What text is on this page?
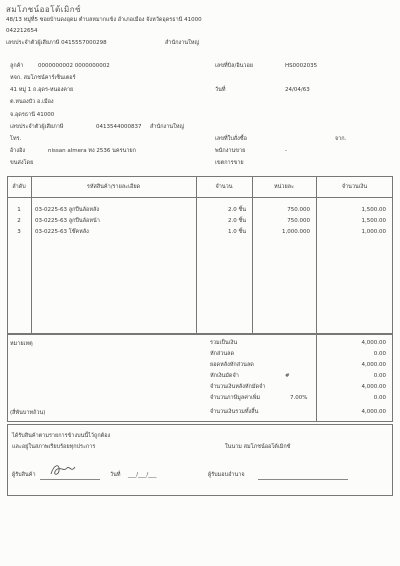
สมโภชน์ออโต้เมิกซ์
48/13 หมู่ที่5 ซอยบ้านดงอุดม ตำบลหมากแข้ง อำเภอเมือง จังหวัดอุดรธานี 41000
042212654
เลขประจำตัวผู้เสียภาษี 0415557000298	สำนักงานใหญ่
ลูกค้า	0000000002 0000000002
หจก. สมโภชน์คาร์เซ็นเตอร์
41 หมู่ 1 ถ.อุดร-หนองคาย
ต.หนองบัว อ.เมือง
จ.อุดรธานี 41000
เลขที่บิล/อินวอย	HS0002035
วันที่	24/04/63
เลขประจำตัวผู้เสียภาษี	0413544000837 สำนักงานใหญ่
โทร.	เลขที่ใบสั่งซื้อ	จาก.
อ้างอิง	nissan almera ทง 2536 นครนายก	พนักงานขาย	-
ขนส่งโดย	เขตการขาย
ลำดับ	รหัสสินค้า/รายละเอียด	จำนวน	หน่วยละ	จำนวนเงิน
1	03-0225-63 ลูกปืนล้อหลัง	2.0 ชิ้น	750.000	1,500.00
2	03-0225-63 ลูกปืนล้อหน้า	2.0 ชิ้น	750.000	1,500.00
3	03-0225-63 โช๊คหลัง	1.0 ชิ้น	1,000.000	1,000.00
หมายเหตุ
(สี่พันบาทถ้วน)
รวมเป็นเงิน	4,000.00
หักส่วนลด	0.00
ยอดหลังหักส่วนลด	4,000.00
หักเงินมัดจำ	#	0.00
จำนวนเงินหลังหักมัดจำ	4,000.00
จำนวนภาษีมูลค่าเพิ่ม	7.00%	0.00
จำนวนเงินรวมทั้งสิ้น	4,000.00
ได้รับสินค้าตามรายการข้างบนนี้ไว้ถูกต้อง
และอยู่ในสภาพเรียบร้อยทุกประการ	ในนาม สมโภชน์ออโต้เมิกซ์
ผู้รับสินค้า	วันที่ ___/___/___	ผู้รับมอบอำนาจ
